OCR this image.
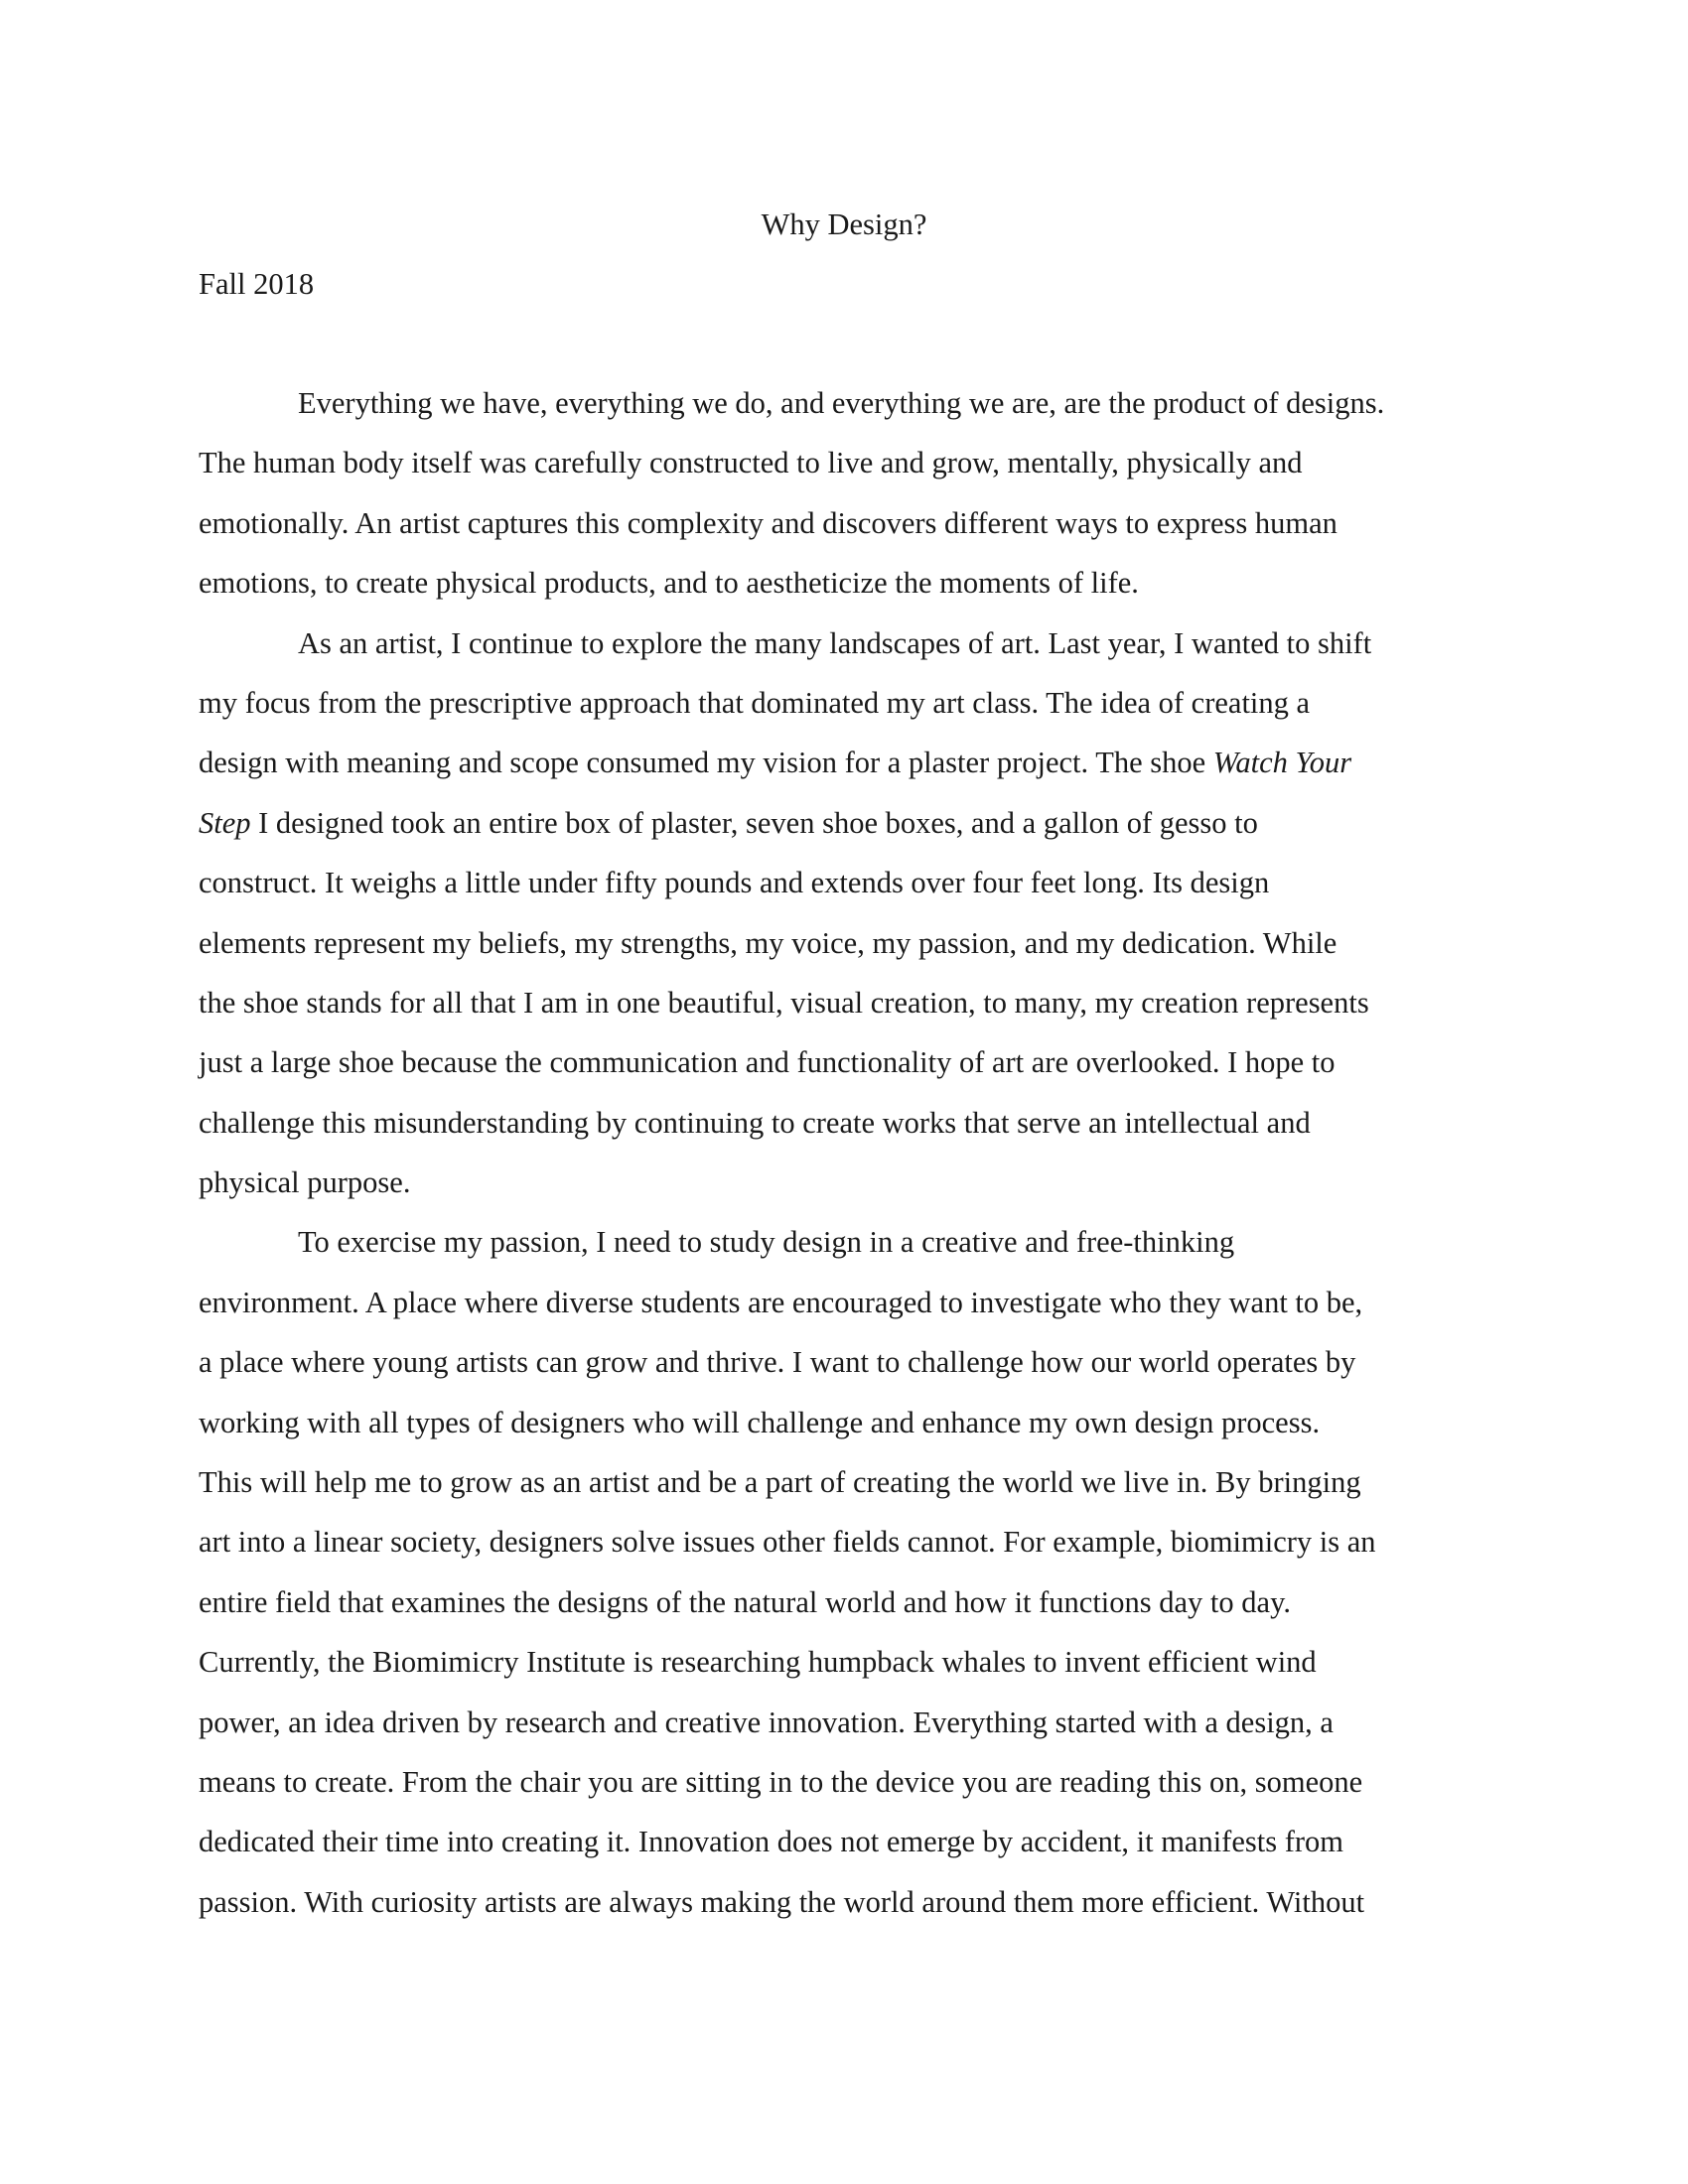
Why Design?

Fall 2018

Everything we have, everything we do, and everything we are, are the product of designs.
The human body itself was carefully constructed to live and grow, mentally, physically and
emotionally. An artist captures this complexity and discovers different ways to express human
emotions, to create physical products, and to aestheticize the moments of life.
As an artist, I continue to explore the many landscapes of art. Last year, I wanted to shift
my focus from the prescriptive approach that dominated my art class. The idea of creating a
design with meaning and scope consumed my vision for a plaster project. The shoe Watch Your
Step I designed took an entire box of plaster, seven shoe boxes, and a gallon of gesso to
construct. It weighs a little under fifty pounds and extends over four feet long. Its design
elements represent my beliefs, my strengths, my voice, my passion, and my dedication. While
the shoe stands for all that I am in one beautiful, visual creation, to many, my creation represents
just a large shoe because the communication and functionality of art are overlooked. I hope to
challenge this misunderstanding by continuing to create works that serve an intellectual and
physical purpose.
To exercise my passion, I need to study design in a creative and free-thinking
environment. A place where diverse students are encouraged to investigate who they want to be,
a place where young artists can grow and thrive. I want to challenge how our world operates by
working with all types of designers who will challenge and enhance my own design process.
This will help me to grow as an artist and be a part of creating the world we live in. By bringing
art into a linear society, designers solve issues other fields cannot. For example, biomimicry is an
entire field that examines the designs of the natural world and how it functions day to day.
Currently, the Biomimicry Institute is researching humpback whales to invent efficient wind
power, an idea driven by research and creative innovation. Everything started with a design, a
means to create. From the chair you are sitting in to the device you are reading this on, someone
dedicated their time into creating it. Innovation does not emerge by accident, it manifests from
passion. With curiosity artists are always making the world around them more efficient. Without
